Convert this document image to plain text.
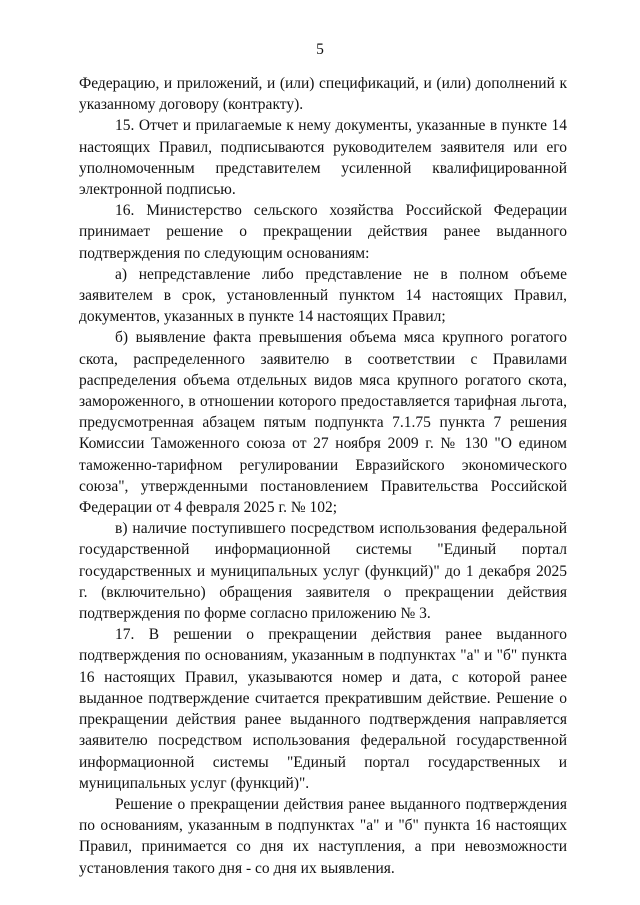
5

Федерацию, и приложений, и (или) спецификаций, и (или) дополнений к указанному договору (контракту).

15. Отчет и прилагаемые к нему документы, указанные в пункте 14 настоящих Правил, подписываются руководителем заявителя или его уполномоченным представителем усиленной квалифицированной электронной подписью.

16. Министерство сельского хозяйства Российской Федерации принимает решение о прекращении действия ранее выданного подтверждения по следующим основаниям:

а) непредставление либо представление не в полном объеме заявителем в срок, установленный пунктом 14 настоящих Правил, документов, указанных в пункте 14 настоящих Правил;

б) выявление факта превышения объема мяса крупного рогатого скота, распределенного заявителю в соответствии с Правилами распределения объема отдельных видов мяса крупного рогатого скота, замороженного, в отношении которого предоставляется тарифная льгота, предусмотренная абзацем пятым подпункта 7.1.75 пункта 7 решения Комиссии Таможенного союза от 27 ноября 2009 г. № 130 "О едином таможенно-тарифном регулировании Евразийского экономического союза", утвержденными постановлением Правительства Российской Федерации от 4 февраля 2025 г. № 102;

в) наличие поступившего посредством использования федеральной государственной информационной системы "Единый портал государственных и муниципальных услуг (функций)" до 1 декабря 2025 г. (включительно) обращения заявителя о прекращении действия подтверждения по форме согласно приложению № 3.

17. В решении о прекращении действия ранее выданного подтверждения по основаниям, указанным в подпунктах "а" и "б" пункта 16 настоящих Правил, указываются номер и дата, с которой ранее выданное подтверждение считается прекратившим действие. Решение о прекращении действия ранее выданного подтверждения направляется заявителю посредством использования федеральной государственной информационной системы "Единый портал государственных и муниципальных услуг (функций)".

Решение о прекращении действия ранее выданного подтверждения по основаниям, указанным в подпунктах "а" и "б" пункта 16 настоящих Правил, принимается со дня их наступления, а при невозможности установления такого дня - со дня их выявления.
